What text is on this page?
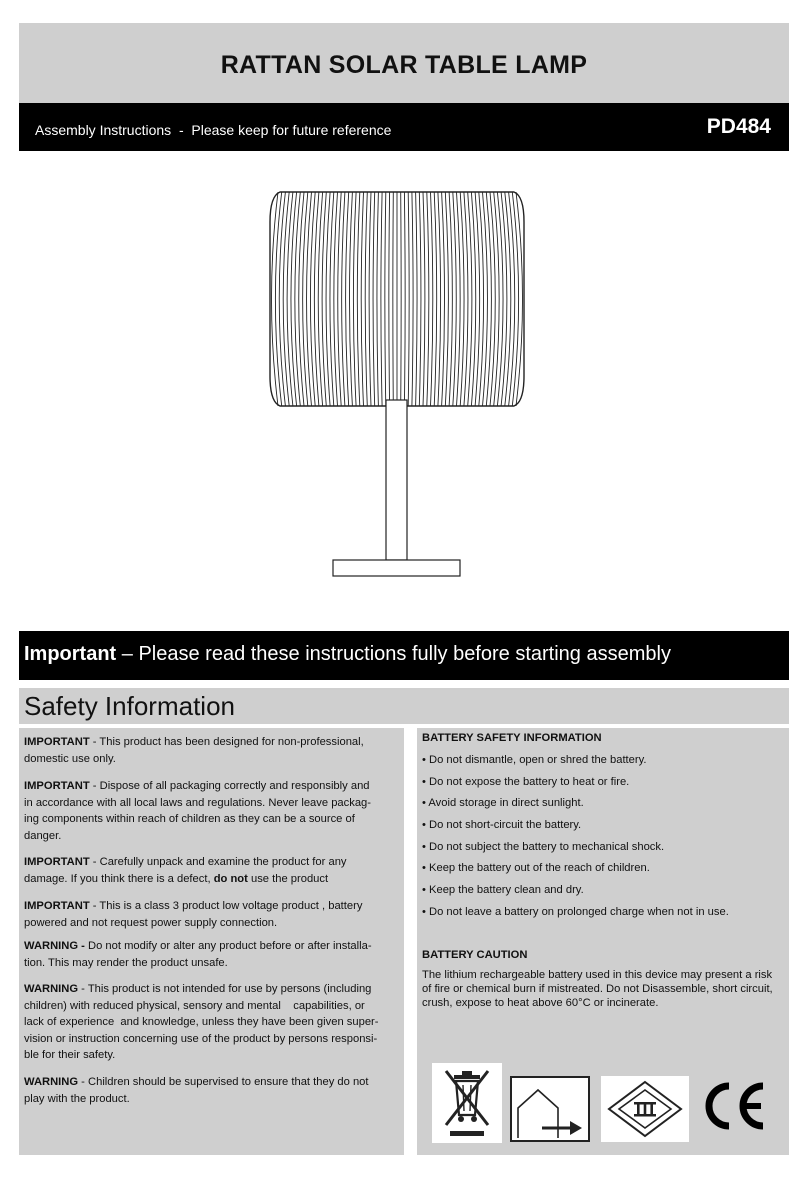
RATTAN SOLAR TABLE LAMP
Assembly Instructions  -  Please keep for future reference	PD484
Important – Please read these instructions fully before starting assembly
Safety Information

IMPORTANT - This product has been designed for non-professional,
domestic use only.

IMPORTANT - Dispose of all packaging correctly and responsibly and
in accordance with all local laws and regulations. Never leave packag-
ing components within reach of children as they can be a source of
danger.

IMPORTANT - Carefully unpack and examine the product for any
damage. If you think there is a defect, do not use the product

IMPORTANT - This is a class 3 product low voltage product , battery
powered and not request power supply connection.

WARNING - Do not modify or alter any product before or after installa-
tion. This may render the product unsafe.

WARNING - This product is not intended for use by persons (including
children) with reduced physical, sensory and mental    capabilities, or
lack of experience  and knowledge, unless they have been given super-
vision or instruction concerning use of the product by persons responsi-
ble for their safety.

WARNING - Children should be supervised to ensure that they do not
play with the product.

BATTERY SAFETY INFORMATION
• Do not dismantle, open or shred the battery.
• Do not expose the battery to heat or fire.
• Avoid storage in direct sunlight.
• Do not short-circuit the battery.
• Do not subject the battery to mechanical shock.
• Keep the battery out of the reach of children.
• Keep the battery clean and dry.
• Do not leave a battery on prolonged charge when not in use.
BATTERY CAUTION

The lithium rechargeable battery used in this device may present a risk of fire or chemical burn if mistreated. Do not Disassemble, short circuit, crush, expose to heat above 60°C or incinerate.
